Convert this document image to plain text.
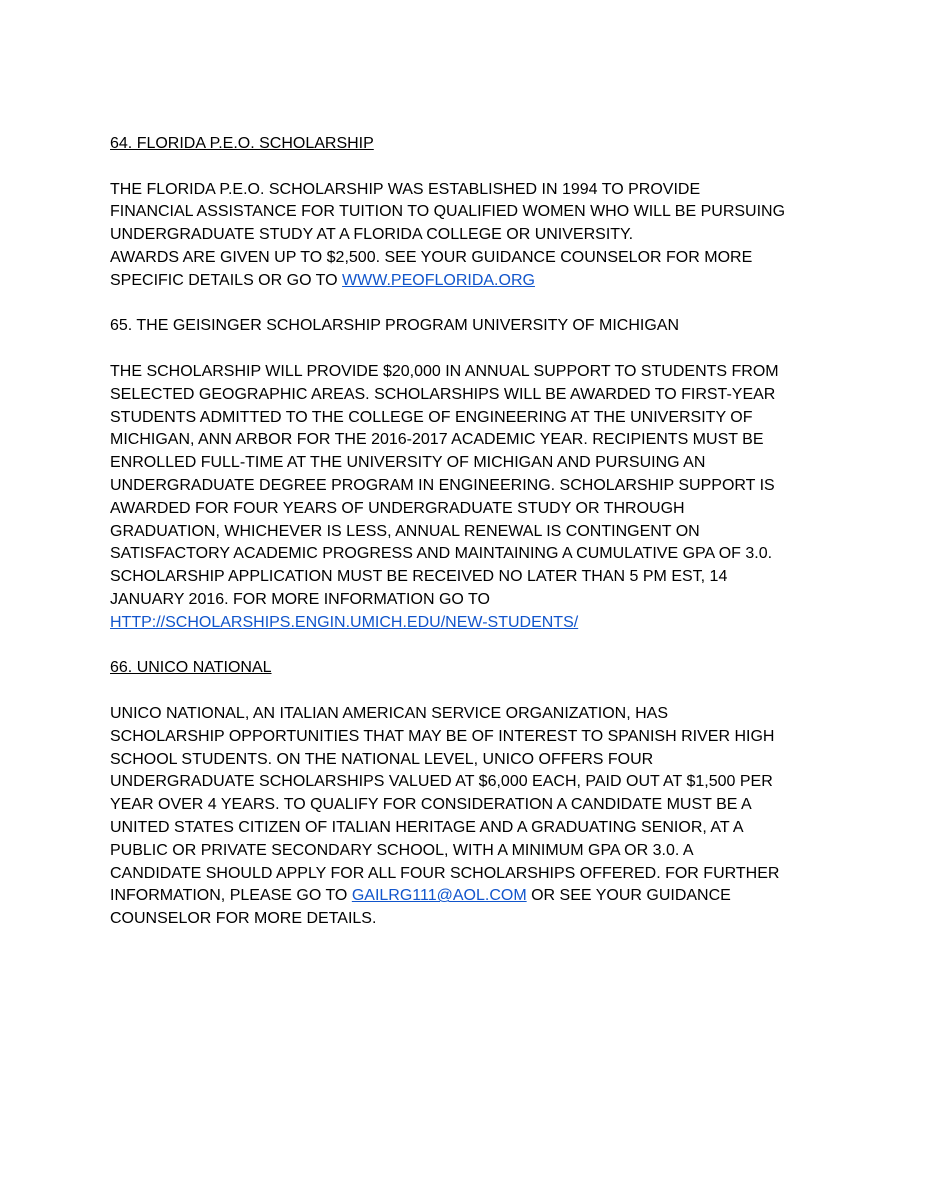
64. FLORIDA P.E.O. SCHOLARSHIP

THE FLORIDA P.E.O. SCHOLARSHIP WAS ESTABLISHED IN 1994 TO PROVIDE

FINANCIAL ASSISTANCE FOR TUITION TO QUALIFIED WOMEN WHO WILL BE PURSUING

UNDERGRADUATE STUDY AT A FLORIDA COLLEGE OR UNIVERSITY.

AWARDS ARE GIVEN UP TO $2,500. SEE YOUR GUIDANCE COUNSELOR FOR MORE

SPECIFIC DETAILS OR GO TO WWW.PEOFLORIDA.ORG

65. THE GEISINGER SCHOLARSHIP PROGRAM UNIVERSITY OF MICHIGAN

THE SCHOLARSHIP WILL PROVIDE $20,000 IN ANNUAL SUPPORT TO STUDENTS FROM

SELECTED GEOGRAPHIC AREAS. SCHOLARSHIPS WILL BE AWARDED TO FIRST-YEAR

STUDENTS ADMITTED TO THE COLLEGE OF ENGINEERING AT THE UNIVERSITY OF

MICHIGAN, ANN ARBOR FOR THE 2016-2017 ACADEMIC YEAR. RECIPIENTS MUST BE

ENROLLED FULL-TIME AT THE UNIVERSITY OF MICHIGAN AND PURSUING AN

UNDERGRADUATE DEGREE PROGRAM IN ENGINEERING. SCHOLARSHIP SUPPORT IS

AWARDED FOR FOUR YEARS OF UNDERGRADUATE STUDY OR THROUGH

GRADUATION, WHICHEVER IS LESS, ANNUAL RENEWAL IS CONTINGENT ON

SATISFACTORY ACADEMIC PROGRESS AND MAINTAINING A CUMULATIVE GPA OF 3.0.

SCHOLARSHIP APPLICATION MUST BE RECEIVED NO LATER THAN 5 PM EST, 14

JANUARY 2016. FOR MORE INFORMATION GO TO

HTTP://SCHOLARSHIPS.ENGIN.UMICH.EDU/NEW-STUDENTS/

66. UNICO NATIONAL

UNICO NATIONAL, AN ITALIAN AMERICAN SERVICE ORGANIZATION, HAS

SCHOLARSHIP OPPORTUNITIES THAT MAY BE OF INTEREST TO SPANISH RIVER HIGH

SCHOOL STUDENTS. ON THE NATIONAL LEVEL, UNICO OFFERS FOUR

UNDERGRADUATE SCHOLARSHIPS VALUED AT $6,000 EACH, PAID OUT AT $1,500 PER

YEAR OVER 4 YEARS. TO QUALIFY FOR CONSIDERATION A CANDIDATE MUST BE A

UNITED STATES CITIZEN OF ITALIAN HERITAGE AND A GRADUATING SENIOR, AT A

PUBLIC OR PRIVATE SECONDARY SCHOOL, WITH A MINIMUM GPA OR 3.0. A

CANDIDATE SHOULD APPLY FOR ALL FOUR SCHOLARSHIPS OFFERED. FOR FURTHER

INFORMATION, PLEASE GO TO GAILRG111@AOL.COM OR SEE YOUR GUIDANCE

COUNSELOR FOR MORE DETAILS.
